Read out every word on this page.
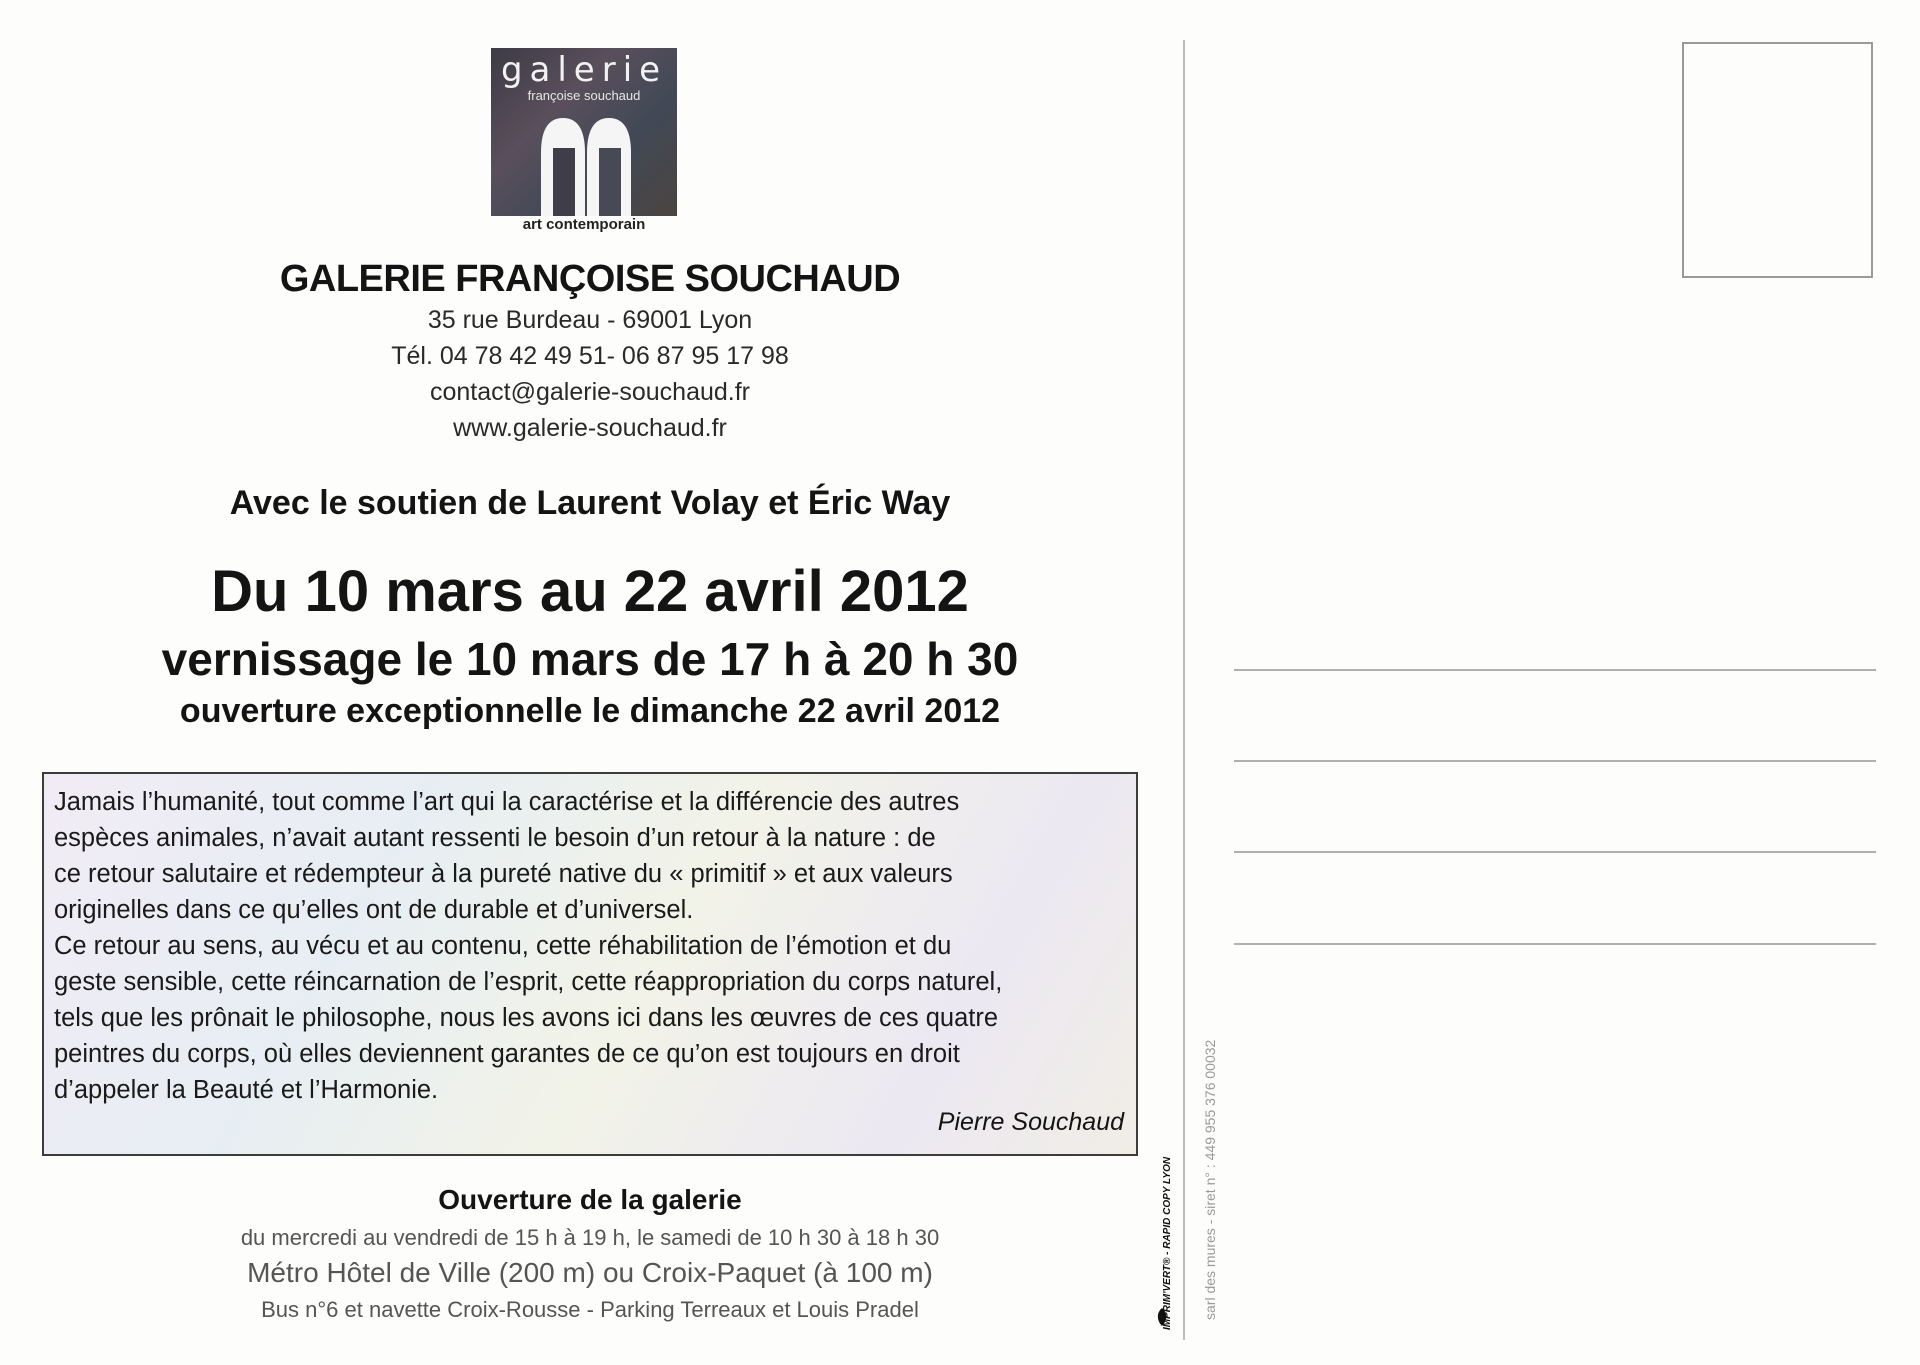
galerie
françoise souchaud
art contemporain
GALERIE FRANÇOISE SOUCHAUD
35 rue Burdeau - 69001 Lyon
Tél. 04 78 42 49 51- 06 87 95 17 98
contact@galerie-souchaud.fr
www.galerie-souchaud.fr
Avec le soutien de Laurent Volay et Éric Way
Du 10 mars au 22 avril 2012
vernissage le 10 mars de 17 h à 20 h 30
ouverture exceptionnelle le dimanche 22 avril 2012
Jamais l’humanité, tout comme l’art qui la caractérise et la différencie des autres
espèces animales, n’avait autant ressenti le besoin d’un retour à la nature : de
ce retour salutaire et rédempteur à la pureté native du « primitif » et aux valeurs
originelles dans ce qu’elles ont de durable et d’universel.
Ce retour au sens, au vécu et au contenu, cette réhabilitation de l’émotion et du
geste sensible, cette réincarnation de l’esprit, cette réappropriation du corps naturel,
tels que les prônait le philosophe, nous les avons ici dans les œuvres de ces quatre
peintres du corps, où elles deviennent garantes de ce qu’on est toujours en droit
d’appeler la Beauté et l’Harmonie.
Pierre Souchaud
Ouverture de la galerie
du mercredi au vendredi de 15 h à 19 h, le samedi de 10 h 30 à 18 h 30
Métro Hôtel de Ville (200 m) ou Croix-Paquet (à 100 m)
Bus n°6 et navette Croix-Rousse - Parking Terreaux et Louis Pradel	IMPRIM'VERT® - RAPID COPY LYON sarl des mures - siret n° : 449 955 376 00032
